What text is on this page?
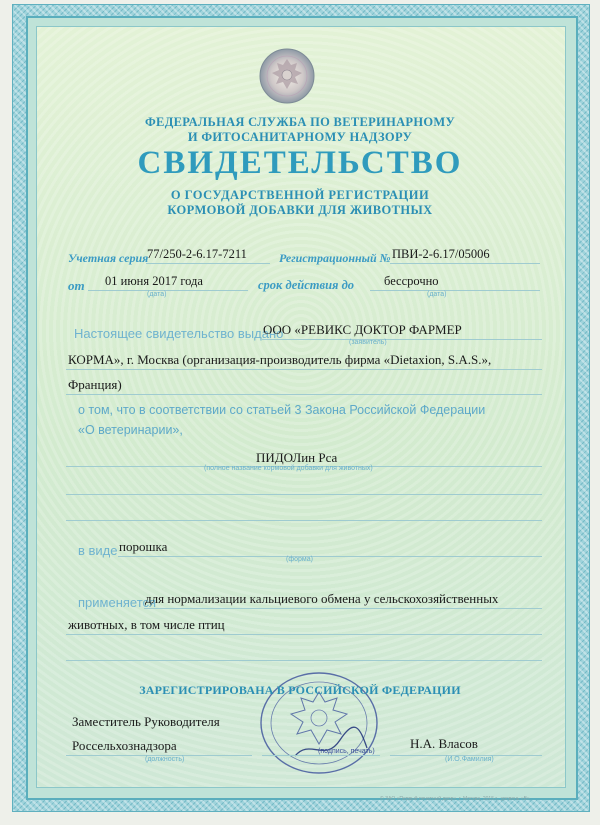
ФЕДЕРАЛЬНАЯ СЛУЖБА ПО ВЕТЕРИНАРНОМУ
И ФИТОСАНИТАРНОМУ НАДЗОРУ
СВИДЕТЕЛЬСТВО
О ГОСУДАРСТВЕННОЙ РЕГИСТРАЦИИ
КОРМОВОЙ ДОБАВКИ ДЛЯ ЖИВОТНЫХ
Учетная серия
77/250-2-6.17-7211	Регистрационный № ПВИ-2-6.17/05006
от 01 июня 2017 года
(дата)
срок действия до бессрочно
(дата)
Настоящее свидетельство выдано
ООО «РЕВИКС ДОКТОР ФАРМЕР
(заявитель)
КОРМА», г. Москва (организация-производитель фирма «Dietaxion, S.A.S.»,
Франция)
о том, что в соответствии со статьей 3 Закона Российской Федерации
«О ветеринарии»,
ПИДОЛин Рса
(полное название кормовой добавки для животных)
в виде порошка
(форма)
применяется
для нормализации кальциевого обмена у сельскохозяйственных
животных, в том числе птиц
ЗАРЕГИСТРИРОВАНА В РОССИЙСКОЙ ФЕДЕРАЦИИ
Заместитель Руководителя
Россельхознадзора
(должность)
(подпись, печать)
Н.А. Власов
(И.О.Фамилия)
© ЗАО «Первый печатный двор», г. Москва, 2015 г., уровень «В»
